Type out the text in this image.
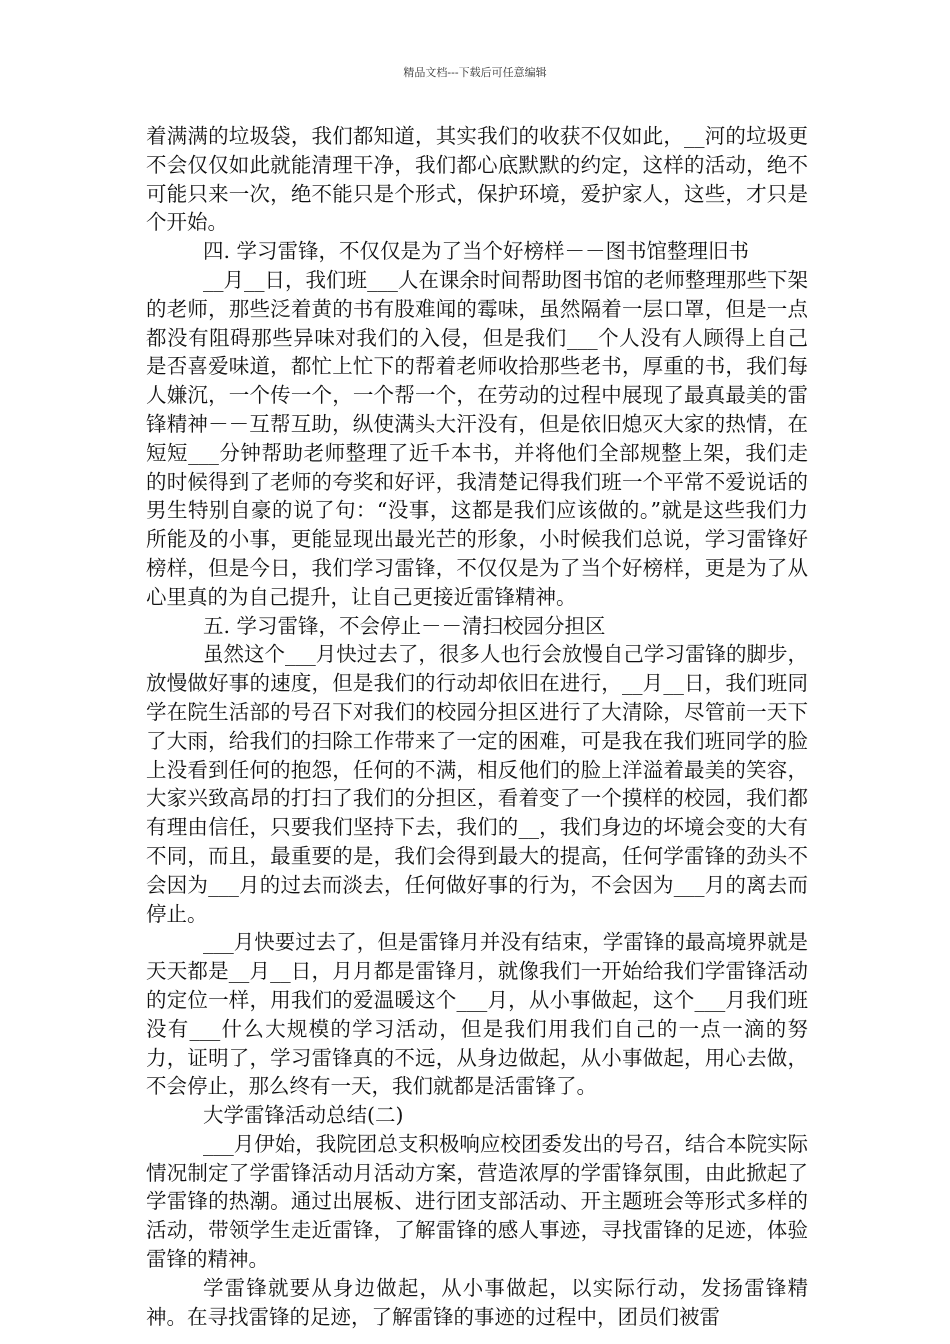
精品文档---下载后可任意编辑

着满满的垃圾袋，我们都知道，其实我们的收获不仅如此，__河的垃圾更不会仅仅如此就能清理干净，我们都心底默默的约定，这样的活动，绝不可能只来一次，绝不能只是个形式，保护环境，爱护家人，这些，才只是个开始。

四. 学习雷锋，不仅仅是为了当个好榜样－－图书馆整理旧书

__月__日，我们班___人在课余时间帮助图书馆的老师整理那些下架的老师，那些泛着黄的书有股难闻的霉味，虽然隔着一层口罩，但是一点都没有阻碍那些异味对我们的入侵，但是我们___个人没有人顾得上自己是否喜爱味道，都忙上忙下的帮着老师收拾那些老书，厚重的书，我们每人嫌沉，一个传一个，一个帮一个，在劳动的过程中展现了最真最美的雷锋精神－－互帮互助，纵使满头大汗没有，但是依旧熄灭大家的热情，在短短___分钟帮助老师整理了近千本书，并将他们全部规整上架，我们走的时候得到了老师的夸奖和好评，我清楚记得我们班一个平常不爱说话的男生特别自豪的说了句：“没事，这都是我们应该做的。”就是这些我们力所能及的小事，更能显现出最光芒的形象，小时候我们总说，学习雷锋好榜样，但是今日，我们学习雷锋，不仅仅是为了当个好榜样，更是为了从心里真的为自己提升，让自己更接近雷锋精神。

五. 学习雷锋，不会停止－－清扫校园分担区

虽然这个___月快过去了，很多人也行会放慢自己学习雷锋的脚步，放慢做好事的速度，但是我们的行动却依旧在进行，__月__日，我们班同学在院生活部的号召下对我们的校园分担区进行了大清除，尽管前一天下了大雨，给我们的扫除工作带来了一定的困难，可是我在我们班同学的脸上没看到任何的抱怨，任何的不满，相反他们的脸上洋溢着最美的笑容，大家兴致高昂的打扫了我们的分担区，看着变了一个摸样的校园，我们都有理由信任，只要我们坚持下去，我们的__，我们身边的坏境会变的大有不同，而且，最重要的是，我们会得到最大的提高，任何学雷锋的劲头不会因为___月的过去而淡去，任何做好事的行为，不会因为___月的离去而停止。

___月快要过去了，但是雷锋月并没有结束，学雷锋的最高境界就是天天都是__月__日，月月都是雷锋月，就像我们一开始给我们学雷锋活动的定位一样，用我们的爱温暖这个___月，从小事做起，这个___月我们班没有___什么大规模的学习活动，但是我们用我们自己的一点一滴的努力，证明了，学习雷锋真的不远，从身边做起，从小事做起，用心去做，不会停止，那么终有一天，我们就都是活雷锋了。

大学雷锋活动总结(二)

___月伊始，我院团总支积极响应校团委发出的号召，结合本院实际情况制定了学雷锋活动月活动方案，营造浓厚的学雷锋氛围，由此掀起了学雷锋的热潮。通过出展板、进行团支部活动、开主题班会等形式多样的活动，带领学生走近雷锋，了解雷锋的感人事迹，寻找雷锋的足迹，体验雷锋的精神。

学雷锋就要从身边做起，从小事做起，以实际行动，发扬雷锋精神。在寻找雷锋的足迹，了解雷锋的事迹的过程中，团员们被雷
